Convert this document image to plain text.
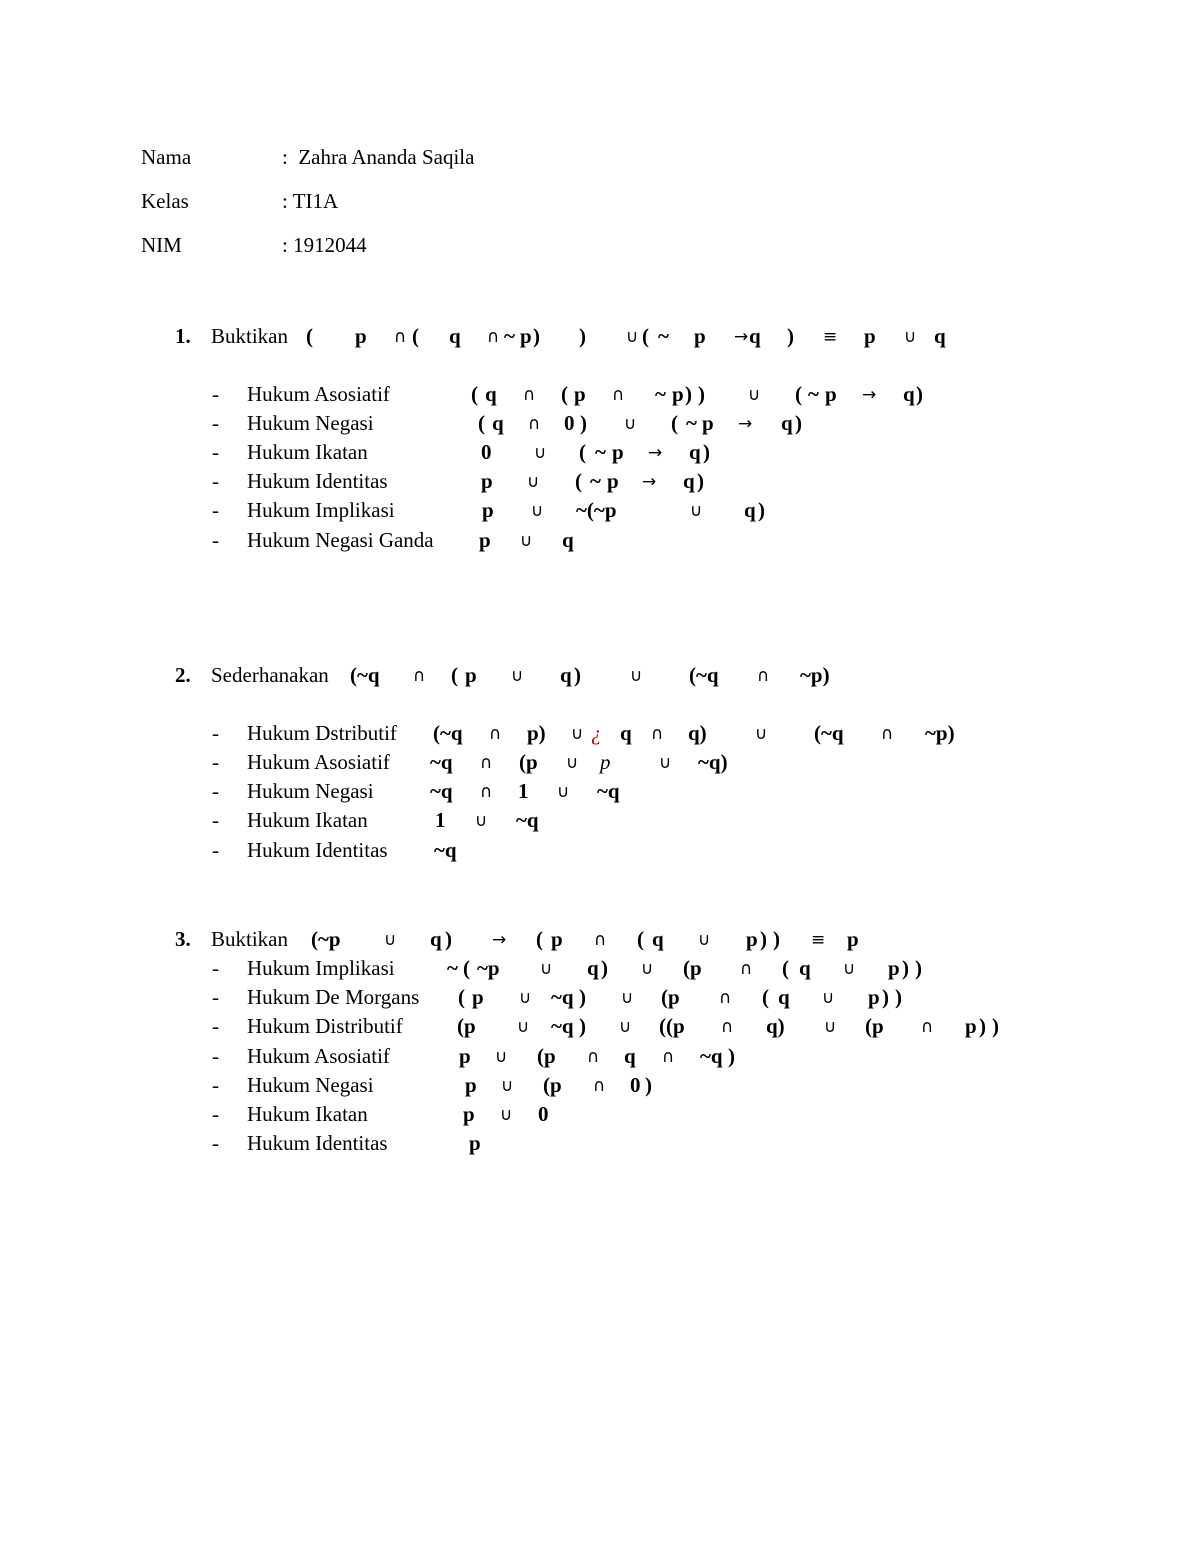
Nama	:  Zahra Ananda Saqila
Kelas	: TI1A
NIM	: 1912044
1. Buktikan ( p ∩ ( q ∩ ~ p ) ) ∪ ( ~ p → q ) ≡ p ∪ q
- Hukum Asosiatif	( q ∩ ( p ∩ ~ p ) )	∪ ( ~ p → q )
- Hukum Negasi	( q ∩ 0 ) ∪ ( ~ p → q )
- Hukum Ikatan	0	∪ ( ~ p → q )
- Hukum Identitas	p ∪ ( ~ p → q )
- Hukum Implikasi	p ∪ ~(~p	∪ q )
- Hukum Negasi Ganda p ∪ q
2. Sederhanakan (~q ∩ ( p ∪ q )	∪ (~q ∩ ~p)
- Hukum Dstributif (~q ∩ p) ∪ ¿ q ∩ q)	∪ (~q ∩ ~p)
- Hukum Asosiatif ~q ∩ (p ∪ p	∪ ~q)
- Hukum Negasi	~q ∩ 1 ∪ ~q
- Hukum Ikatan	1 ∪ ~q
- Hukum Identitas ~q
3. Buktikan (~p	∪ q ) → ( p ∩ ( q ∪ p ) ) ≡ p
- Hukum Implikasi ~ ( ~p ∪ q ) ∪ (p ∩ ( q ∪ p ) )
- Hukum De Morgans ( p ∪ ~q ) ∪ (p ∩ ( q ∪ p ) )
- Hukum Distributif	(p ∪ ~q ) ∪ ((p ∩ q) ∪ (p ∩ p ) )
- Hukum Asosiatif	p ∪ (p ∩ q ∩ ~q )
- Hukum Negasi	p ∪ (p ∩ 0 )
- Hukum Ikatan	p ∪ 0
- Hukum Identitas	p
